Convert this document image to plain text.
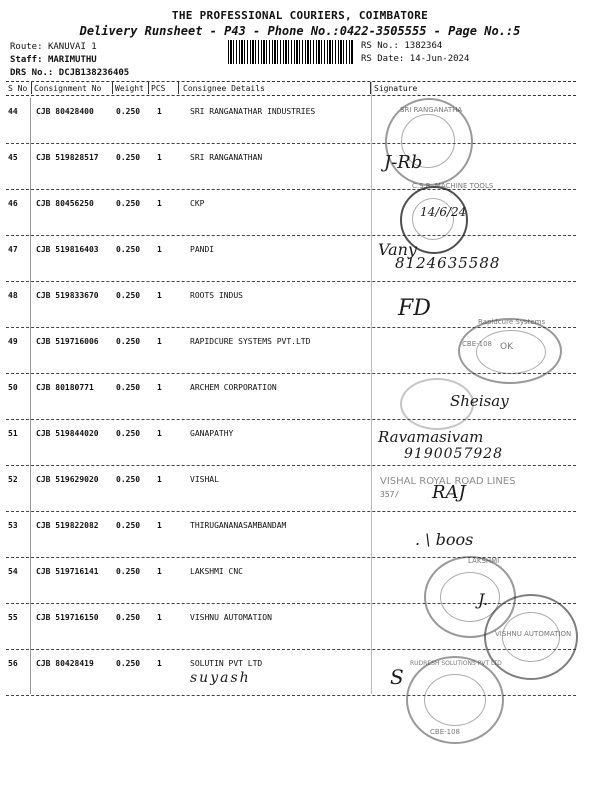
THE PROFESSIONAL COURIERS, COIMBATORE
Delivery Runsheet - P43 - Phone No.:0422-3505555 - Page No.:5
Route: KANUVAI 1
Staff: MARIMUTHU
DRS No.: DCJB138236405
RS No.: 1382364
RS Date: 14-Jun-2024
S No Consignment No Weight PCS Consignee Details	Signature
44 CJB 80428400	0.250 1	SRI RANGANATHAR INDUSTRIES
45 CJB 519828517 0.250 1	SRI RANGANATHAN
46 CJB 80456250	0.250 1	CKP
47 CJB 519816403 0.250 1	PANDI
48 CJB 519833670 0.250 1	ROOTS INDUS
49 CJB 519716006 0.250 1	RAPIDCURE SYSTEMS PVT.LTD
50 CJB 80180771	0.250 1	ARCHEM CORPORATION
51 CJB 519844020 0.250 1	GANAPATHY
52 CJB 519629020 0.250 1	VISHAL
53 CJB 519822082 0.250 1	THIRUGANANASAMBANDAM
54 CJB 519716141 0.250 1	LAKSHMI CNC
55 CJB 519716150 0.250 1	VISHNU AUTOMATION
56 CJB 80428419	0.250 1	SOLUTIN PVT LTD
SRI RANGANATHA
J-Rb
C.S.R. MACHINE TOOLS
14/6/24
Vany
8124635588
FD
Rapidcure Systems
CBE-108 OK
Sheisay
Ravamasivam
9190057928
VISHAL ROYAL ROAD LINES
357/ RAJ
. \ boos
LAKSHMI
J.
VISHNU AUTOMATION
RUDRESH SOLUTIONS PVT LTD
CBE-108
S
suyash
